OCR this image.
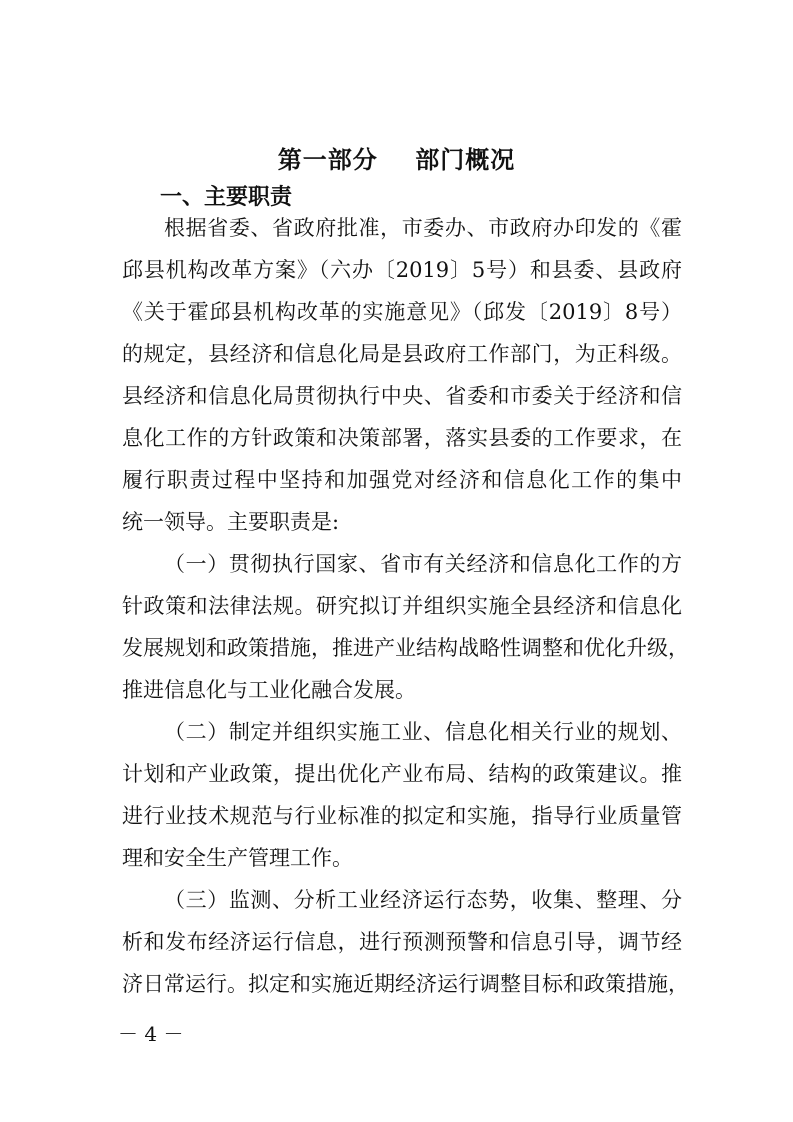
第一部分    部门概况
一、主要职责
根据省委、省政府批准，市委办、市政府办印发的《霍
邱县机构改革方案》（六办〔2019〕5号）和县委、县政府
《关于霍邱县机构改革的实施意见》（邱发〔2019〕8号）
的规定，县经济和信息化局是县政府工作部门，为正科级。
县经济和信息化局贯彻执行中央、省委和市委关于经济和信
息化工作的方针政策和决策部署，落实县委的工作要求，在
履行职责过程中坚持和加强党对经济和信息化工作的集中
统一领导。主要职责是:
（一）贯彻执行国家、省市有关经济和信息化工作的方
针政策和法律法规。研究拟订并组织实施全县经济和信息化
发展规划和政策措施，推进产业结构战略性调整和优化升级，
推进信息化与工业化融合发展。
（二）制定并组织实施工业、信息化相关行业的规划、
计划和产业政策，提出优化产业布局、结构的政策建议。推
进行业技术规范与行业标准的拟定和实施，指导行业质量管
理和安全生产管理工作。
（三）监测、分析工业经济运行态势，收集、整理、分
析和发布经济运行信息，进行预测预警和信息引导，调节经
济日常运行。拟定和实施近期经济运行调整目标和政策措施，
－ 4 －
